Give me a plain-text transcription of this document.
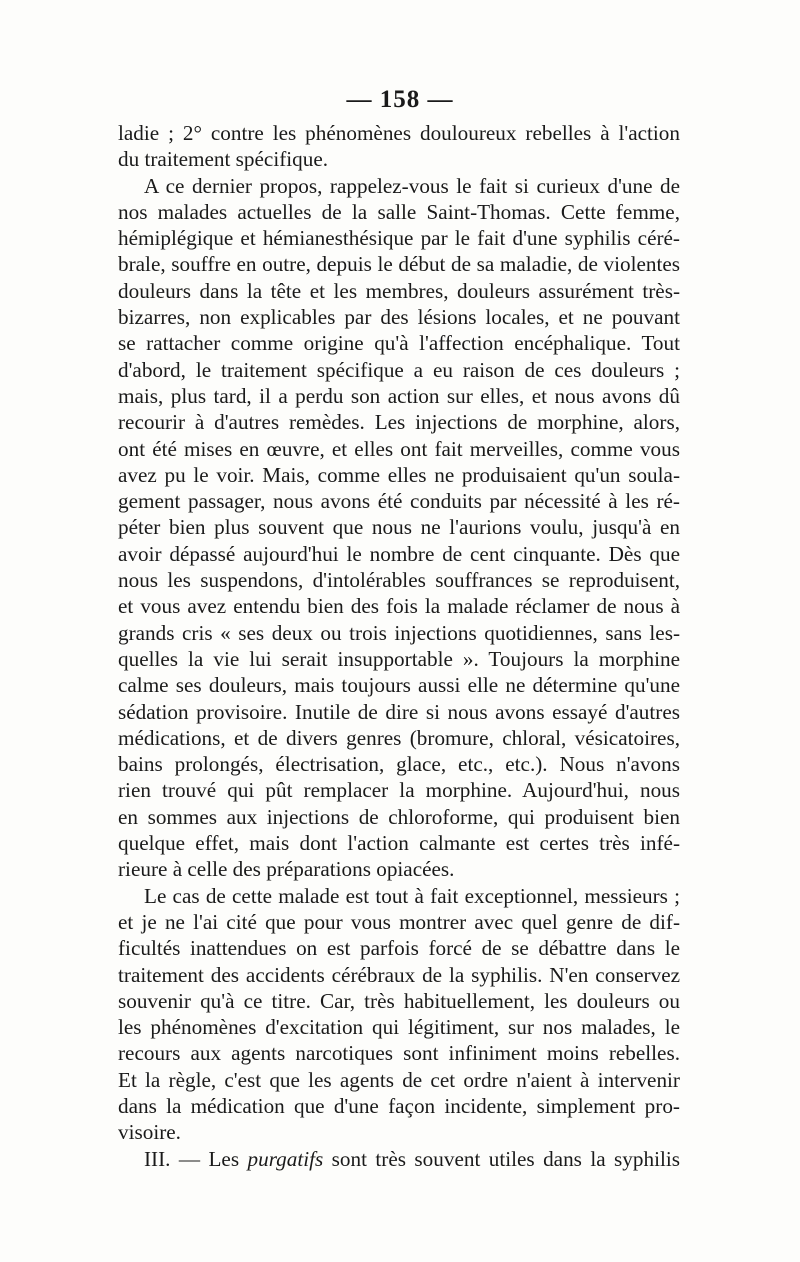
— 158 —
ladie ; 2° contre les phénomènes douloureux rebelles à l'action
du traitement spécifique.
A ce dernier propos, rappelez-vous le fait si curieux d'une de
nos malades actuelles de la salle Saint-Thomas. Cette femme,
hémiplégique et hémianesthésique par le fait d'une syphilis céré-
brale, souffre en outre, depuis le début de sa maladie, de violentes
douleurs dans la tête et les membres, douleurs assurément très-
bizarres, non explicables par des lésions locales, et ne pouvant
se rattacher comme origine qu'à l'affection encéphalique. Tout
d'abord, le traitement spécifique a eu raison de ces douleurs ;
mais, plus tard, il a perdu son action sur elles, et nous avons dû
recourir à d'autres remèdes. Les injections de morphine, alors,
ont été mises en œuvre, et elles ont fait merveilles, comme vous
avez pu le voir. Mais, comme elles ne produisaient qu'un soula-
gement passager, nous avons été conduits par nécessité à les ré-
péter bien plus souvent que nous ne l'aurions voulu, jusqu'à en
avoir dépassé aujourd'hui le nombre de cent cinquante. Dès que
nous les suspendons, d'intolérables souffrances se reproduisent,
et vous avez entendu bien des fois la malade réclamer de nous à
grands cris « ses deux ou trois injections quotidiennes, sans les-
quelles la vie lui serait insupportable ». Toujours la morphine
calme ses douleurs, mais toujours aussi elle ne détermine qu'une
sédation provisoire. Inutile de dire si nous avons essayé d'autres
médications, et de divers genres (bromure, chloral, vésicatoires,
bains prolongés, électrisation, glace, etc., etc.). Nous n'avons
rien trouvé qui pût remplacer la morphine. Aujourd'hui, nous
en sommes aux injections de chloroforme, qui produisent bien
quelque effet, mais dont l'action calmante est certes très infé-
rieure à celle des préparations opiacées.
Le cas de cette malade est tout à fait exceptionnel, messieurs ;
et je ne l'ai cité que pour vous montrer avec quel genre de dif-
ficultés inattendues on est parfois forcé de se débattre dans le
traitement des accidents cérébraux de la syphilis. N'en conservez
souvenir qu'à ce titre. Car, très habituellement, les douleurs ou
les phénomènes d'excitation qui légitiment, sur nos malades, le
recours aux agents narcotiques sont infiniment moins rebelles.
Et la règle, c'est que les agents de cet ordre n'aient à intervenir
dans la médication que d'une façon incidente, simplement pro-
visoire.
III. — Les purgatifs sont très souvent utiles dans la syphilis
